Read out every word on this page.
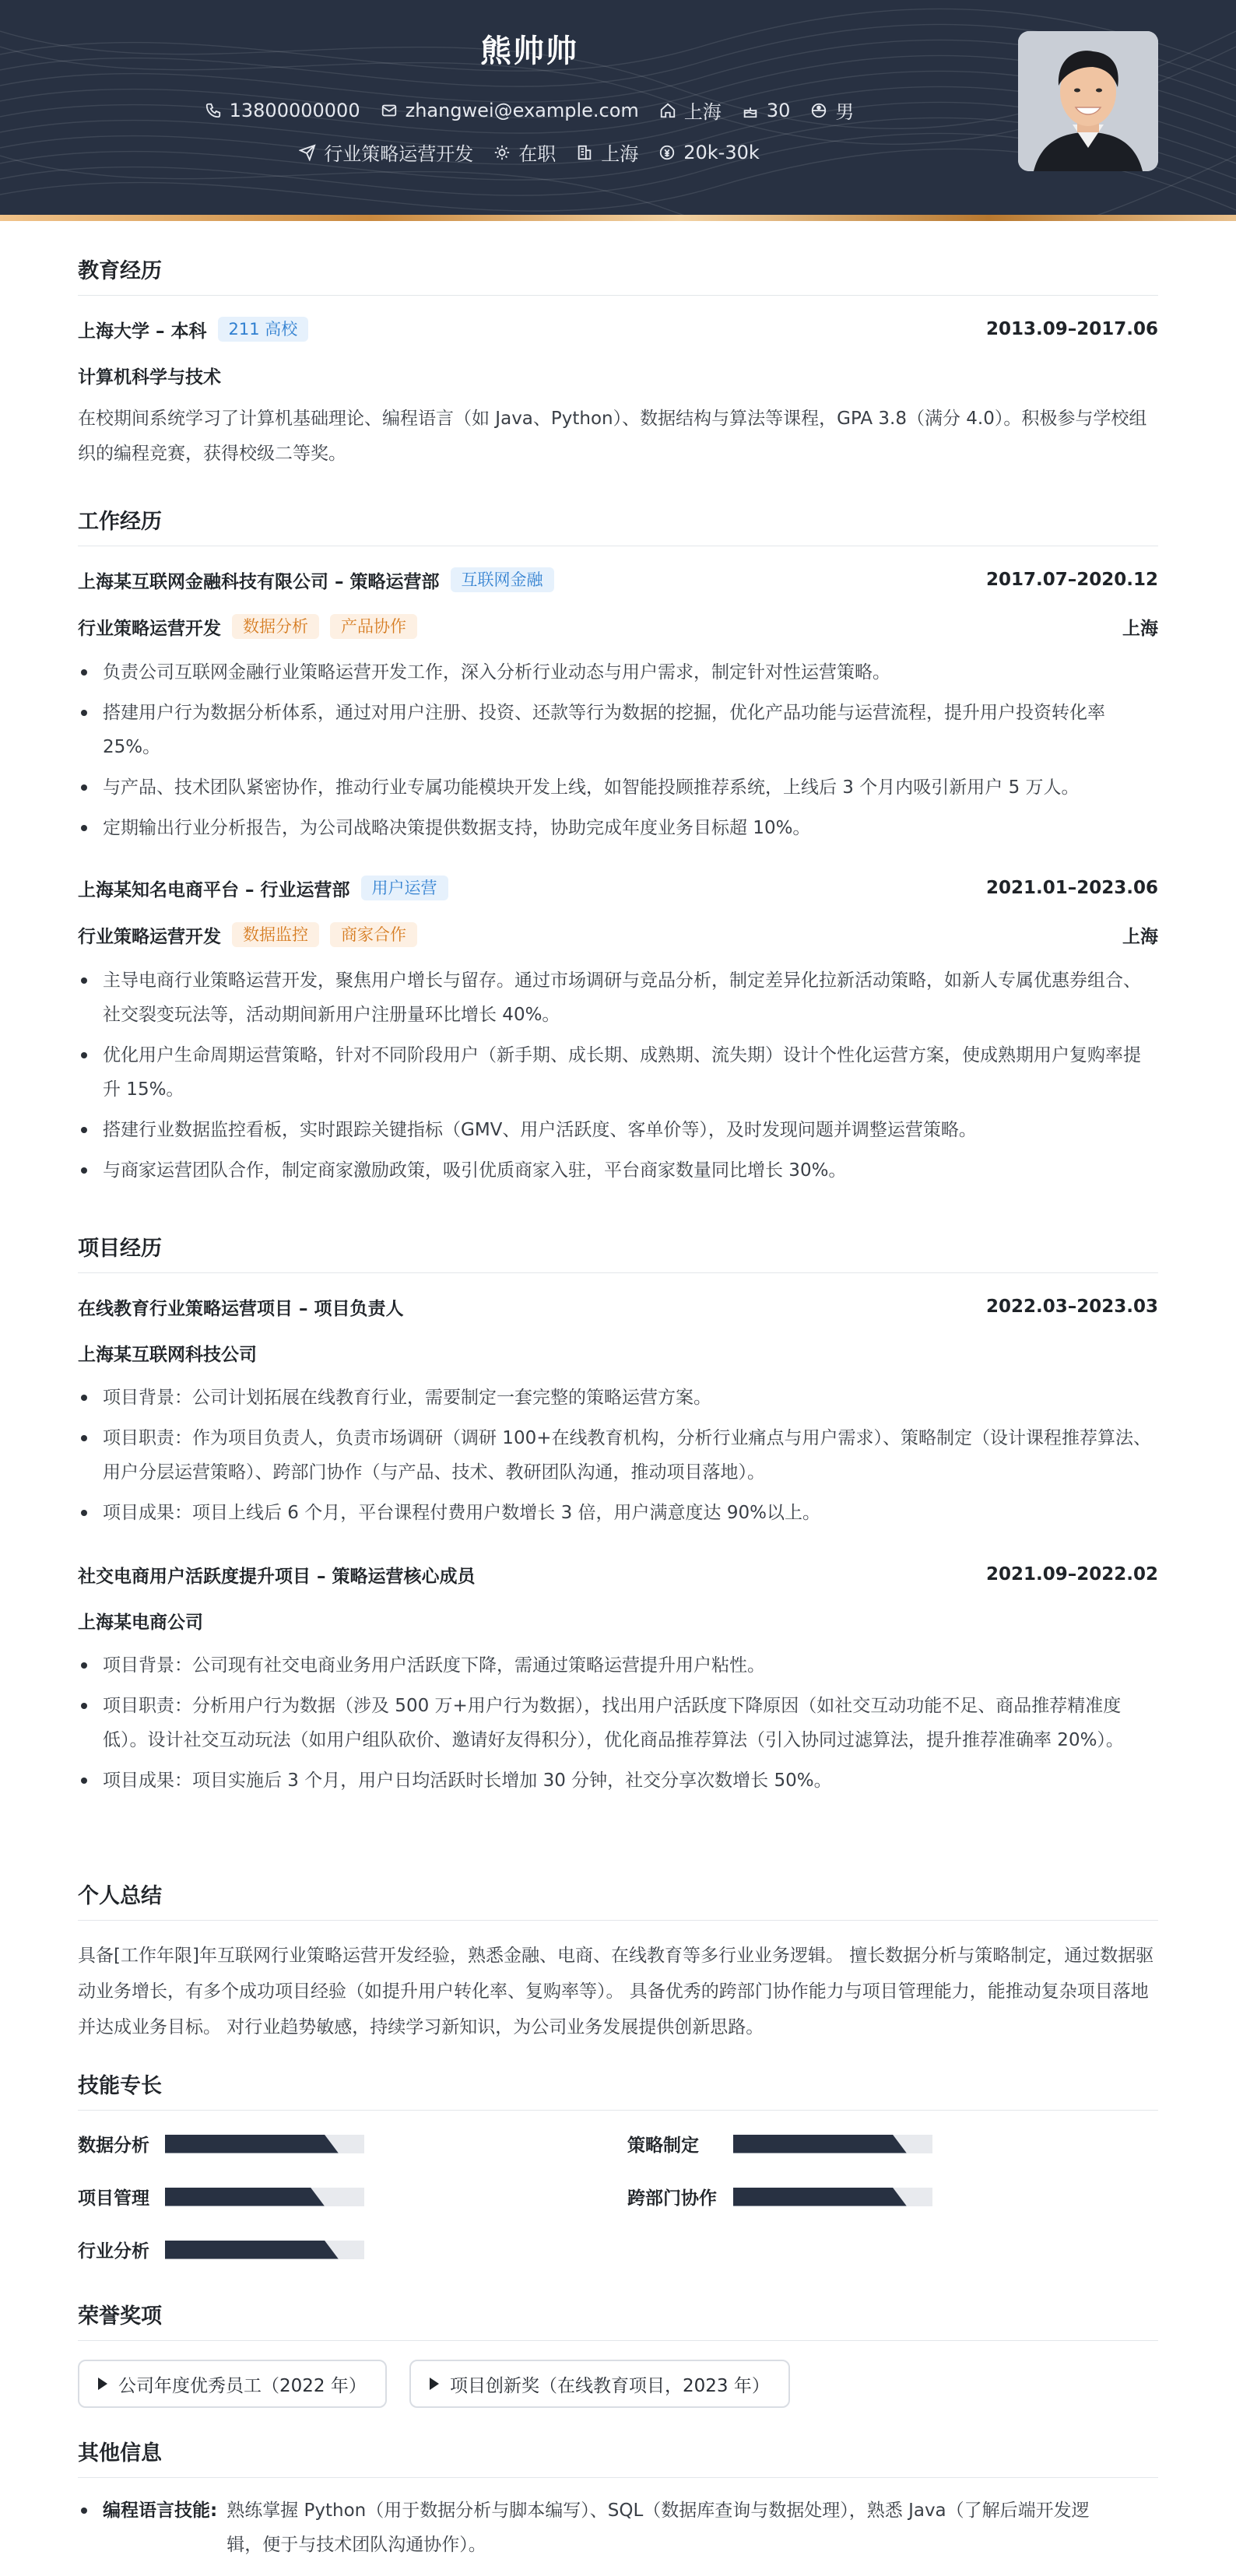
熊帅帅
13800000000 zhangwei@example.com 上海 30 男
行业策略运营开发 在职 上海 20k-30k
教育经历
上海大学 – 本科	211 高校	2013.09–2017.06
计算机科学与技术
在校期间系统学习了计算机基础理论、编程语言（如 Java、Python）、数据结构与算法等课程，GPA 3.8（满分 4.0）。积极参与学校组织的编程竞赛，获得校级二等奖。
工作经历
上海某互联网金融科技有限公司 – 策略运营部	互联网金融	2017.07–2020.12
行业策略运营开发	数据分析	产品协作	上海
负责公司互联网金融行业策略运营开发工作，深入分析行业动态与用户需求，制定针对性运营策略。
搭建用户行为数据分析体系，通过对用户注册、投资、还款等行为数据的挖掘，优化产品功能与运营流程，提升用户投资转化率 25%。
与产品、技术团队紧密协作，推动行业专属功能模块开发上线，如智能投顾推荐系统，上线后 3 个月内吸引新用户 5 万人。
定期输出行业分析报告，为公司战略决策提供数据支持，协助完成年度业务目标超 10%。
上海某知名电商平台 – 行业运营部	用户运营	2021.01–2023.06
行业策略运营开发	数据监控	商家合作	上海
主导电商行业策略运营开发，聚焦用户增长与留存。通过市场调研与竞品分析，制定差异化拉新活动策略，如新人专属优惠券组合、社交裂变玩法等，活动期间新用户注册量环比增长 40%。
优化用户生命周期运营策略，针对不同阶段用户（新手期、成长期、成熟期、流失期）设计个性化运营方案，使成熟期用户复购率提升 15%。
搭建行业数据监控看板，实时跟踪关键指标（GMV、用户活跃度、客单价等），及时发现问题并调整运营策略。
与商家运营团队合作，制定商家激励政策，吸引优质商家入驻，平台商家数量同比增长 30%。
项目经历
在线教育行业策略运营项目 – 项目负责人	2022.03–2023.03
上海某互联网科技公司
项目背景：公司计划拓展在线教育行业，需要制定一套完整的策略运营方案。
项目职责：作为项目负责人，负责市场调研（调研 100+在线教育机构，分析行业痛点与用户需求）、策略制定（设计课程推荐算法、用户分层运营策略）、跨部门协作（与产品、技术、教研团队沟通，推动项目落地）。
项目成果：项目上线后 6 个月，平台课程付费用户数增长 3 倍，用户满意度达 90%以上。
社交电商用户活跃度提升项目 – 策略运营核心成员	2021.09–2022.02
上海某电商公司
项目背景：公司现有社交电商业务用户活跃度下降，需通过策略运营提升用户粘性。
项目职责：分析用户行为数据（涉及 500 万+用户行为数据），找出用户活跃度下降原因（如社交互动功能不足、商品推荐精准度低）。设计社交互动玩法（如用户组队砍价、邀请好友得积分），优化商品推荐算法（引入协同过滤算法，提升推荐准确率 20%）。
项目成果：项目实施后 3 个月，用户日均活跃时长增加 30 分钟，社交分享次数增长 50%。
个人总结
具备[工作年限]年互联网行业策略运营开发经验，熟悉金融、电商、在线教育等多行业业务逻辑。 擅长数据分析与策略制定，通过数据驱动业务增长，有多个成功项目经验（如提升用户转化率、复购率等）。 具备优秀的跨部门协作能力与项目管理能力，能推动复杂项目落地并达成业务目标。 对行业趋势敏感，持续学习新知识，为公司业务发展提供创新思路。
技能专长
数据分析	策略制定
项目管理	跨部门协作
行业分析
荣誉奖项
公司年度优秀员工（2022 年）	项目创新奖（在线教育项目，2023 年）
其他信息
编程语言技能: 熟练掌握 Python（用于数据分析与脚本编写）、SQL（数据库查询与数据处理），熟悉 Java（了解后端开发逻辑，便于与技术团队沟通协作）。
